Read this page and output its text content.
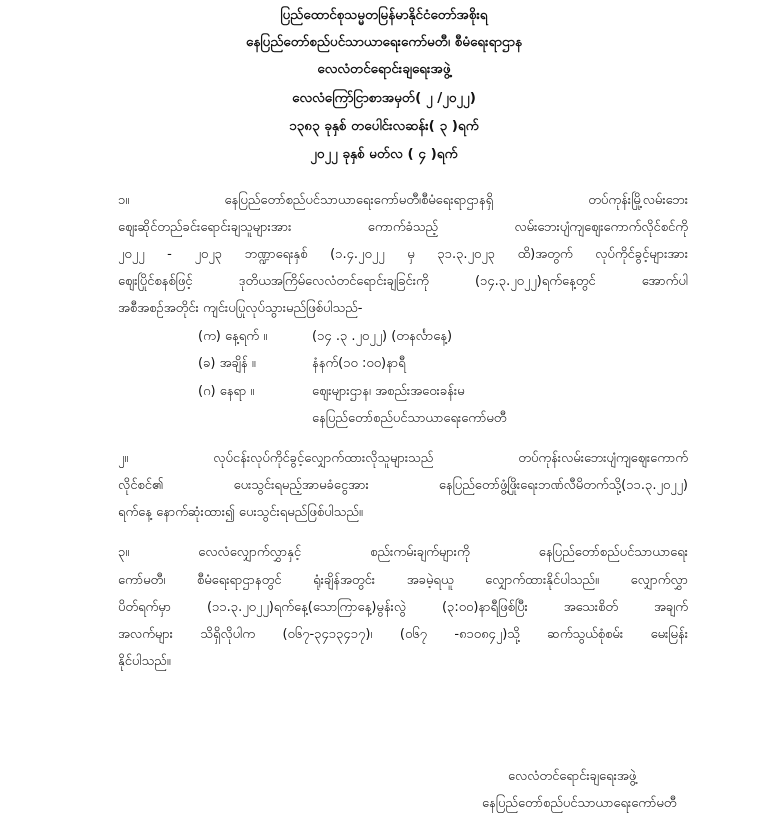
ပြည်ထောင်စုသမ္မတမြန်မာနိုင်ငံတော်အစိုးရ
နေပြည်တော်စည်ပင်သာယာရေးကော်မတီ၊ စီမံရေးရာဌာန
လေလံတင်ရောင်းချရေးအဖွဲ့
လေလံကြော်ငြာစာအမှတ်( ၂ /၂၀၂၂)
၁၃၈၃ ခုနှစ် တပေါင်းလဆန်း( ၃ )ရက်
၂၀၂၂ ခုနှစ် မတ်လ ( ၄ )ရက်
၁။ နေပြည်တော်စည်ပင်သာယာရေးကော်မတီ၊စီမံရေးရာဌာနရှိ တပ်ကုန်းမြို့လမ်းဘေး
ဈေးဆိုင်တည်ခင်းရောင်းချသူများအား ကောက်ခံသည့် လမ်းဘေးပျံကျဈေးကောက်လိုင်စင်ကို
၂၀၂၂ - ၂၀၂၃ ဘဏ္ဍာရေးနှစ် (၁.၄.၂၀၂၂ မှ ၃၁.၃.၂၀၂၃ ထိ)အတွက် လုပ်ကိုင်ခွင့်များအား
ဈေးပြိုင်စနစ်ဖြင့် ဒုတိယအကြိမ်လေလံတင်ရောင်းချခြင်းကို (၁၄.၃.၂၀၂၂)ရက်နေ့တွင် အောက်ပါ
အစီအစဉ်အတိုင်း ကျင်းပပြုလုပ်သွားမည်ဖြစ်ပါသည်-
(က) နေ့ရက် ။	(၁၄ .၃ .၂၀၂၂) (တနင်္လာနေ့)
(ခ) အချိန် ။	နံနက်(၁၀ :၀၀)နာရီ
(ဂ) နေရာ ။	ဈေးများဌာန၊ အစည်းအဝေးခန်းမ
နေပြည်တော်စည်ပင်သာယာရေးကော်မတီ
၂။ လုပ်ငန်းလုပ်ကိုင်ခွင့်လျှောက်ထားလိုသူများသည် တပ်ကုန်းလမ်းဘေးပျံကျဈေးကောက်
လိုင်စင်၏ ပေးသွင်းရမည့်အာမခံငွေအား နေပြည်တော်ဖွံ့ဖြိုးရေးဘဏ်လီမိတက်သို့(၁၁.၃.၂၀၂၂)
ရက်နေ့ နောက်ဆုံးထား၍ ပေးသွင်းရမည်ဖြစ်ပါသည်။
၃။ လေလံလျှောက်လွှာနှင့် စည်းကမ်းချက်များကို နေပြည်တော်စည်ပင်သာယာရေး
ကော်မတီ၊ စီမံရေးရာဌာနတွင် ရုံးချိန်အတွင်း အခမဲ့ရယူ လျှောက်ထားနိုင်ပါသည်။ လျှောက်လွှာ
ပိတ်ရက်မှာ (၁၁.၃.၂၀၂၂)ရက်နေ့(သောကြာနေ့)မွန်းလွဲ (၃:၀၀)နာရီဖြစ်ပြီး အသေးစိတ် အချက်
အလက်များ သိရှိလိုပါက (၀၆၇-၃၄၁၃၄၁၇)၊ (၀၆၇ -၈၁၀၈၄၂)သို့ ဆက်သွယ်စုံစမ်း မေးမြန်း
နိုင်ပါသည်။
လေလံတင်ရောင်းချရေးအဖွဲ့
နေပြည်တော်စည်ပင်သာယာရေးကော်မတီ
